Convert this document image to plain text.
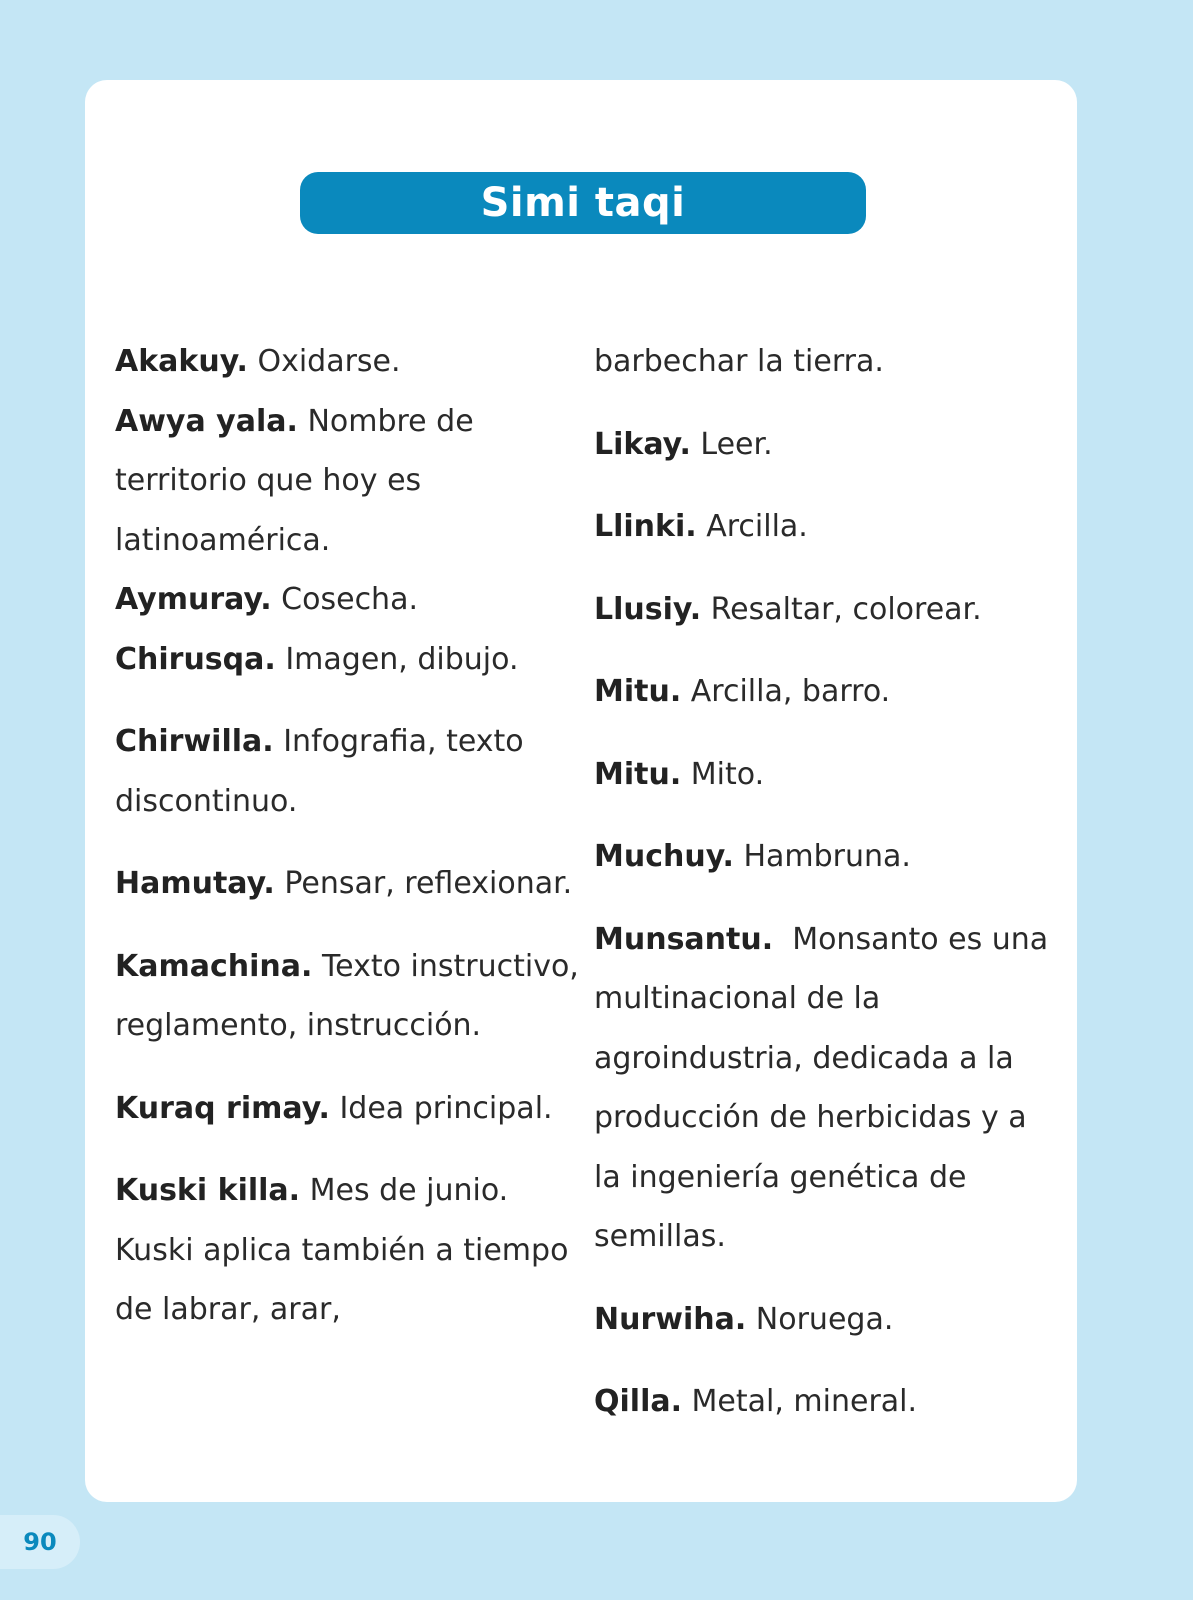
Simi taqi

Akakuy. Oxidarse.

Awya yala. Nombre de territorio que hoy es latinoamérica.

Aymuray. Cosecha.

Chirusqa. Imagen, dibujo.

Chirwilla. Infografia, texto discontinuo.

Hamutay. Pensar, reflexionar.

Kamachina. Texto instructivo, reglamento, instrucción.

Kuraq rimay. Idea principal.

Kuski killa. Mes de junio. Kuski aplica también a tiempo de labrar, arar,

barbechar la tierra.

Likay. Leer.

Llinki. Arcilla.

Llusiy. Resaltar, colorear.

Mitu. Arcilla, barro.

Mitu. Mito.

Muchuy. Hambruna.

Munsantu.  Monsanto es una multinacional de la agroindustria, dedicada a la producción de herbicidas y a la ingeniería genética de semillas.

Nurwiha. Noruega.

Qilla. Metal, mineral.

90
